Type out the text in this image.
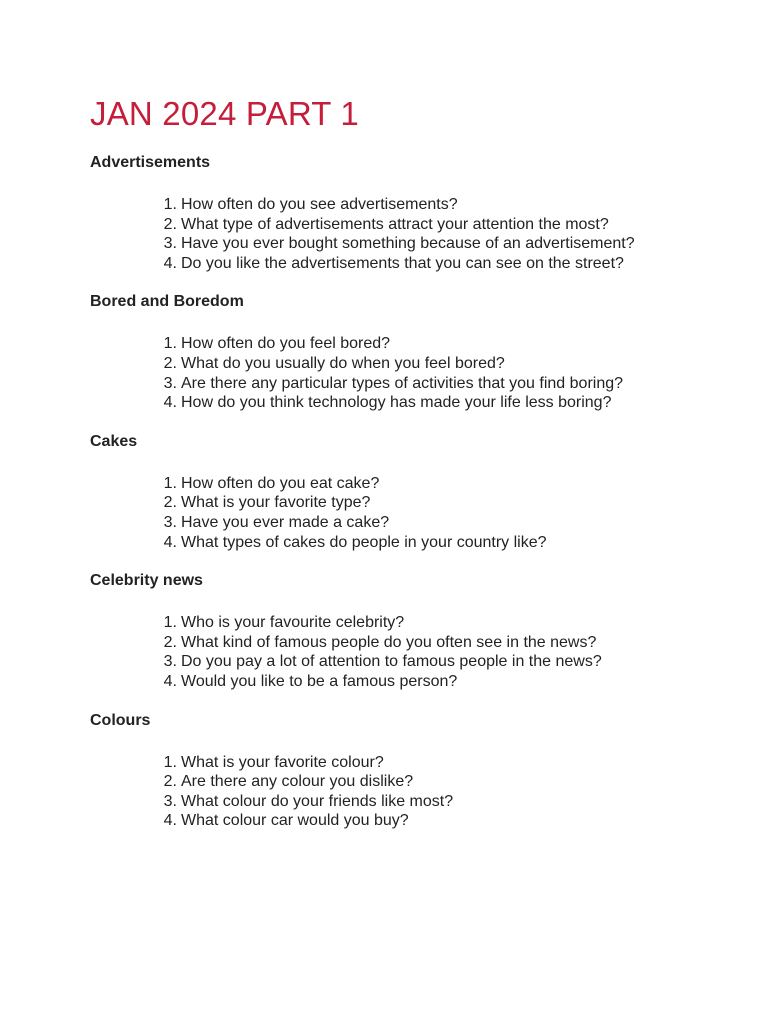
JAN 2024 PART 1
Advertisements
1. How often do you see advertisements?
2. What type of advertisements attract your attention the most?
3. Have you ever bought something because of an advertisement?
4. Do you like the advertisements that you can see on the street?
Bored and Boredom
1. How often do you feel bored?
2. What do you usually do when you feel bored?
3. Are there any particular types of activities that you find boring?
4. How do you think technology has made your life less boring?
Cakes
1. How often do you eat cake?
2. What is your favorite type?
3. Have you ever made a cake?
4. What types of cakes do people in your country like?
Celebrity news
1. Who is your favourite celebrity?
2. What kind of famous people do you often see in the news?
3. Do you pay a lot of attention to famous people in the news?
4. Would you like to be a famous person?
Colours
1. What is your favorite colour?
2. Are there any colour you dislike?
3. What colour do your friends like most?
4. What colour car would you buy?
